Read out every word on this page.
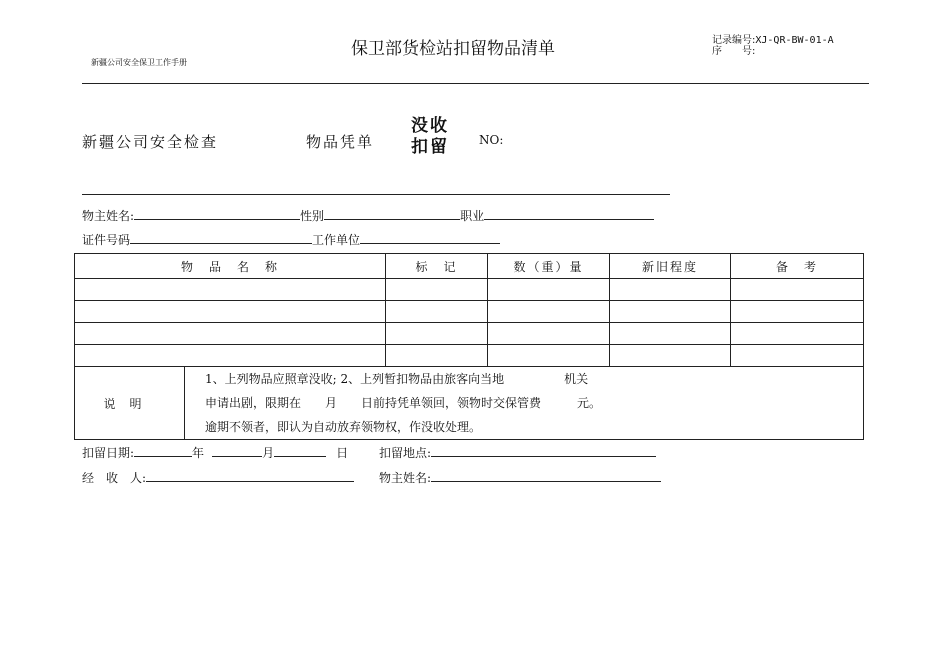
新疆公司安全保卫工作手册
保卫部货检站扣留物品清单	记录编号:XJ-QR-BW-01-A
序　　号:
新疆公司安全检查	物品凭单
没收
扣留	NO:
物主姓名:	性别	职业
证件号码	工作单位
物　品　名　称		标　记	数（重）量	新旧程度	备　考

说明	1、上列物品应照章没收; 2、上列暂扣物品由旅客向当地　　　　　机关
申请出剧，限期在　　月　　日前持凭单领回，领物时交保管费　　　元。
逾期不领者，即认为自动放弃领物权，作没收处理。				
扣留日期:	年	月	日	扣留地点:
经　收　人:	物主姓名:
